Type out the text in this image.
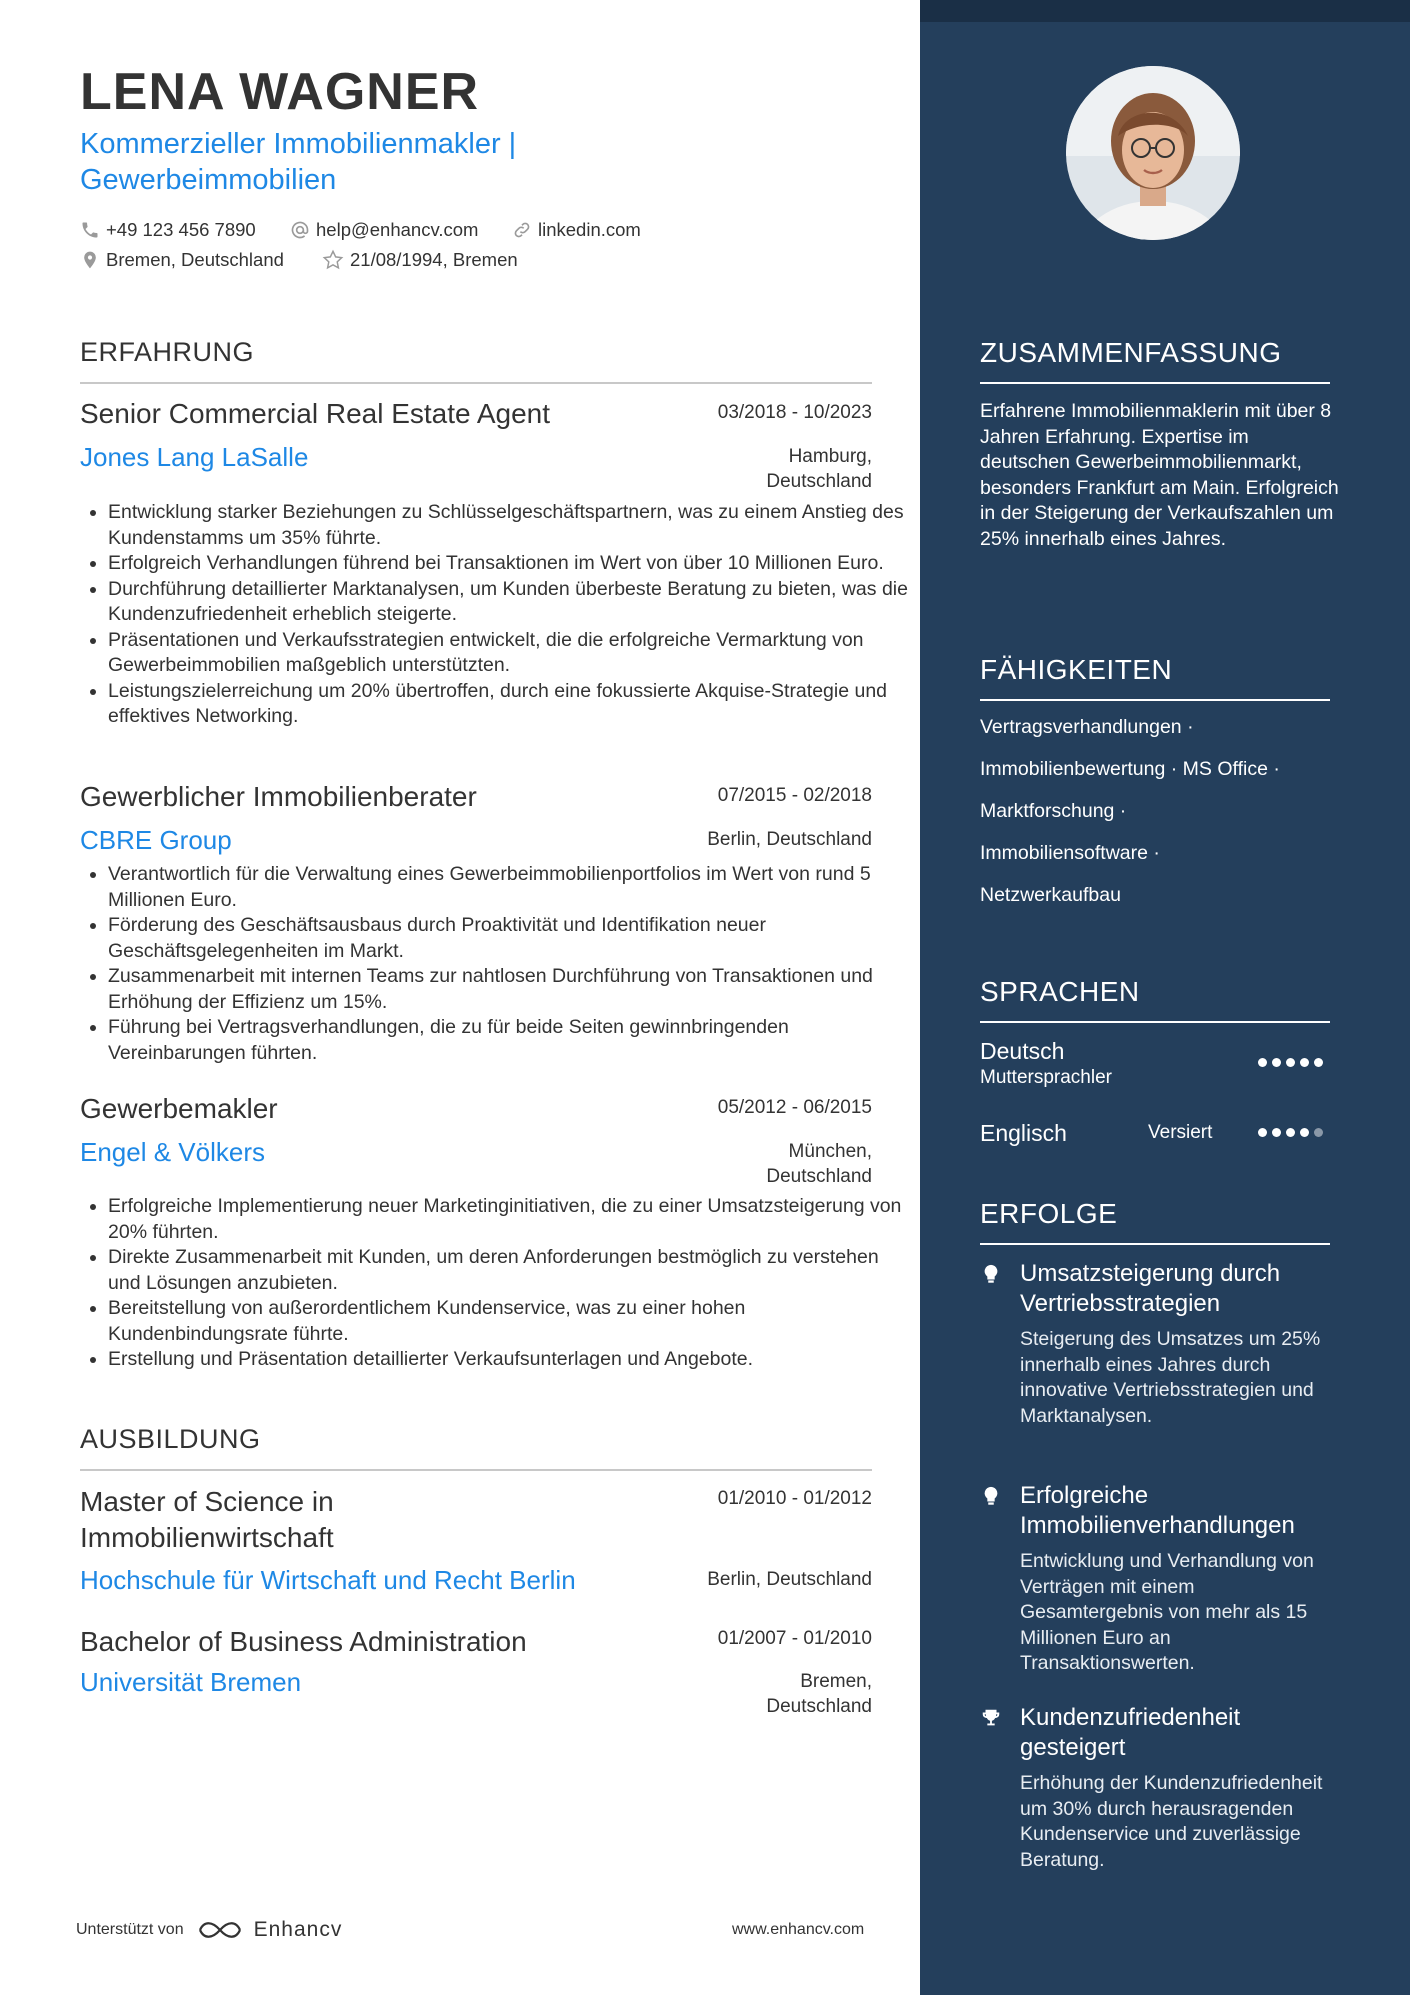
LENA WAGNER
Kommerzieller Immobilienmakler | Gewerbeimmobilien
+49 123 456 7890	help@enhancv.com	linkedin.com
Bremen, Deutschland	21/08/1994, Bremen
ERFAHRUNG
Senior Commercial Real Estate Agent	03/2018 - 10/2023
Jones Lang LaSalle	Hamburg, Deutschland
• Entwicklung starker Beziehungen zu Schlüsselgeschäftspartnern, was zu einem Anstieg des Kundenstamms um 35% führte.
• Erfolgreich Verhandlungen führend bei Transaktionen im Wert von über 10 Millionen Euro.
• Durchführung detaillierter Marktanalysen, um Kunden überbeste Beratung zu bieten, was die Kundenzufriedenheit erheblich steigerte.
• Präsentationen und Verkaufsstrategien entwickelt, die die erfolgreiche Vermarktung von Gewerbeimmobilien maßgeblich unterstützten.
• Leistungszielerreichung um 20% übertroffen, durch eine fokussierte Akquise-Strategie und effektives Networking.
Gewerblicher Immobilienberater	07/2015 - 02/2018
CBRE Group	Berlin, Deutschland
• Verantwortlich für die Verwaltung eines Gewerbeimmobilienportfolios im Wert von rund 5 Millionen Euro.
• Förderung des Geschäftsausbaus durch Proaktivität und Identifikation neuer Geschäftsgelegenheiten im Markt.
• Zusammenarbeit mit internen Teams zur nahtlosen Durchführung von Transaktionen und Erhöhung der Effizienz um 15%.
• Führung bei Vertragsverhandlungen, die zu für beide Seiten gewinnbringenden Vereinbarungen führten.
Gewerbemakler	05/2012 - 06/2015
Engel & Völkers	München, Deutschland
• Erfolgreiche Implementierung neuer Marketinginitiativen, die zu einer Umsatzsteigerung von 20% führten.
• Direkte Zusammenarbeit mit Kunden, um deren Anforderungen bestmöglich zu verstehen und Lösungen anzubieten.
• Bereitstellung von außerordentlichem Kundenservice, was zu einer hohen Kundenbindungsrate führte.
• Erstellung und Präsentation detaillierter Verkaufsunterlagen und Angebote.
AUSBILDUNG
Master of Science in Immobilienwirtschaft
01/2010 - 01/2012
Hochschule für Wirtschaft und Recht Berlin	Berlin, Deutschland
Bachelor of Business Administration	01/2007 - 01/2010
Universität Bremen	Bremen, Deutschland
Unterstützt von	Enhancv	www.enhancv.com
ZUSAMMENFASSUNG
Erfahrene Immobilienmaklerin mit über 8 Jahren Erfahrung. Expertise im deutschen Gewerbeimmobilienmarkt, besonders Frankfurt am Main. Erfolgreich in der Steigerung der Verkaufszahlen um 25% innerhalb eines Jahres.
FÄHIGKEITEN
Vertragsverhandlungen ·
Immobilienbewertung · MS Office ·
Marktforschung ·
Immobiliensoftware ·
Netzwerkaufbau
SPRACHEN
Deutsch
Muttersprachler
Englisch	Versiert
ERFOLGE
Umsatzsteigerung durch Vertriebsstrategien
Steigerung des Umsatzes um 25% innerhalb eines Jahres durch innovative Vertriebsstrategien und Marktanalysen.
Erfolgreiche Immobilienverhandlungen
Entwicklung und Verhandlung von Verträgen mit einem Gesamtergebnis von mehr als 15 Millionen Euro an Transaktionswerten.
Kundenzufriedenheit gesteigert
Erhöhung der Kundenzufriedenheit um 30% durch herausragenden Kundenservice und zuverlässige Beratung.
